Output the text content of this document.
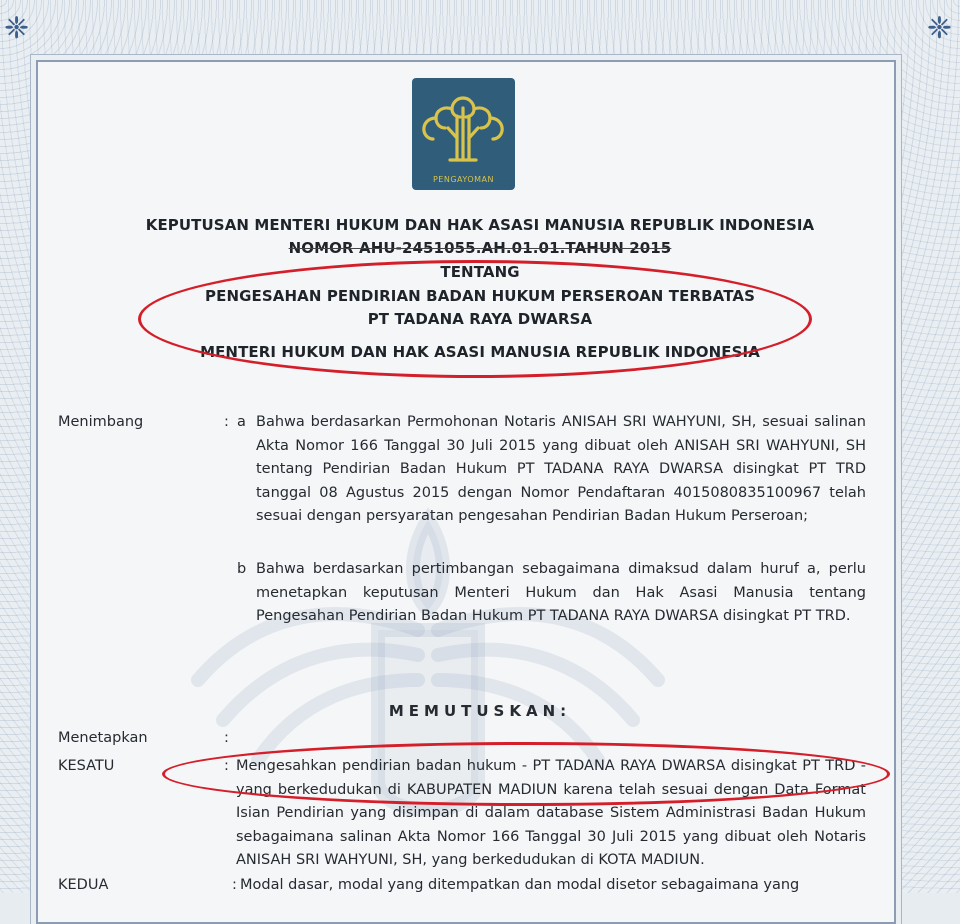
❈	❈
PENGAYOMAN
KEPUTUSAN MENTERI HUKUM DAN HAK ASASI MANUSIA REPUBLIK INDONESIA
NOMOR AHU-2451055.AH.01.01.TAHUN 2015
TENTANG
PENGESAHAN PENDIRIAN BADAN HUKUM PERSEROAN TERBATAS
PT TADANA RAYA DWARSA
MENTERI HUKUM DAN HAK ASASI MANUSIA REPUBLIK INDONESIA
Menimbang	: a Bahwa berdasarkan Permohonan Notaris ANISAH SRI WAHYUNI, SH, sesuai salinan Akta Nomor 166 Tanggal 30 Juli 2015 yang dibuat oleh ANISAH SRI WAHYUNI, SH tentang Pendirian Badan Hukum PT TADANA RAYA DWARSA disingkat PT TRD tanggal 08 Agustus 2015 dengan Nomor Pendaftaran 4015080835100967 telah sesuai dengan persyaratan pengesahan Pendirian Badan Hukum Perseroan;
b Bahwa berdasarkan pertimbangan sebagaimana dimaksud dalam huruf a, perlu menetapkan keputusan Menteri Hukum dan Hak Asasi Manusia tentang Pengesahan Pendirian Badan Hukum PT TADANA RAYA DWARSA disingkat PT TRD.
MEMUTUSKAN:
Menetapkan	:
KESATU	: Mengesahkan pendirian badan hukum - PT TADANA RAYA DWARSA disingkat PT TRD - yang berkedudukan di KABUPATEN MADIUN karena telah sesuai dengan Data Format Isian Pendirian yang disimpan di dalam database Sistem Administrasi Badan Hukum sebagaimana salinan Akta Nomor 166 Tanggal 30 Juli 2015 yang dibuat oleh Notaris ANISAH SRI WAHYUNI, SH, yang berkedudukan di KOTA MADIUN.
KEDUA	: Modal dasar, modal yang ditempatkan dan modal disetor sebagaimana yang
